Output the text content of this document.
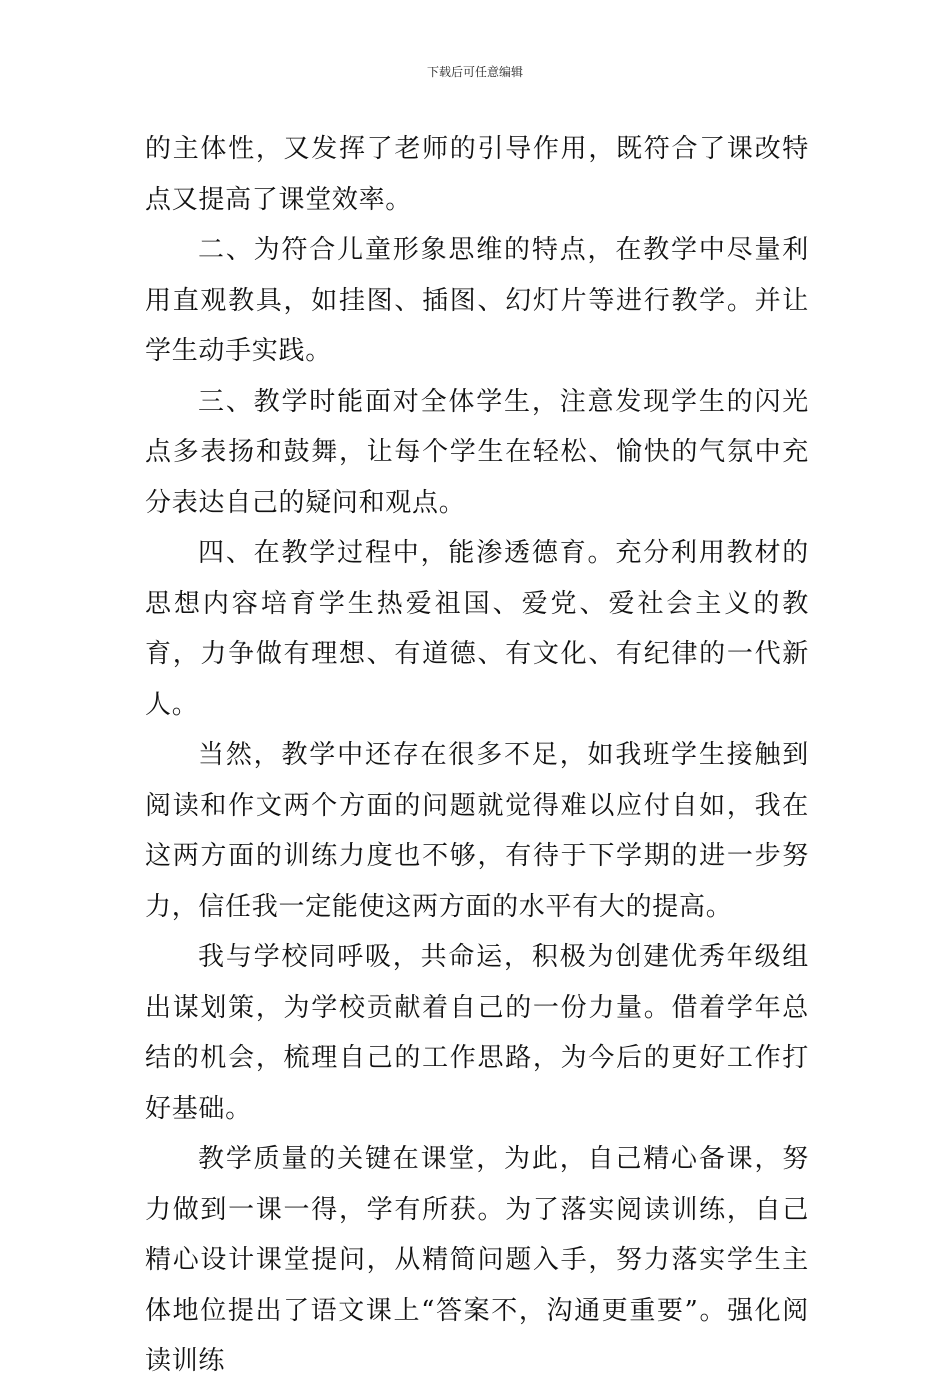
下载后可任意编辑

的主体性，又发挥了老师的引导作用，既符合了课改特点又提高了课堂效率。

二、为符合儿童形象思维的特点，在教学中尽量利用直观教具，如挂图、插图、幻灯片等进行教学。并让学生动手实践。

三、教学时能面对全体学生，注意发现学生的闪光点多表扬和鼓舞，让每个学生在轻松、愉快的气氛中充分表达自己的疑问和观点。

四、在教学过程中，能渗透德育。充分利用教材的思想内容培育学生热爱祖国、爱党、爱社会主义的教育，力争做有理想、有道德、有文化、有纪律的一代新人。

当然，教学中还存在很多不足，如我班学生接触到阅读和作文两个方面的问题就觉得难以应付自如，我在这两方面的训练力度也不够，有待于下学期的进一步努力，信任我一定能使这两方面的水平有大的提高。

我与学校同呼吸，共命运，积极为创建优秀年级组出谋划策，为学校贡献着自己的一份力量。借着学年总结的机会，梳理自己的工作思路，为今后的更好工作打好基础。

教学质量的关键在课堂，为此，自己精心备课，努力做到一课一得，学有所获。为了落实阅读训练，自己精心设计课堂提问，从精简问题入手，努力落实学生主体地位提出了语文课上“答案不，沟通更重要”。强化阅读训练
